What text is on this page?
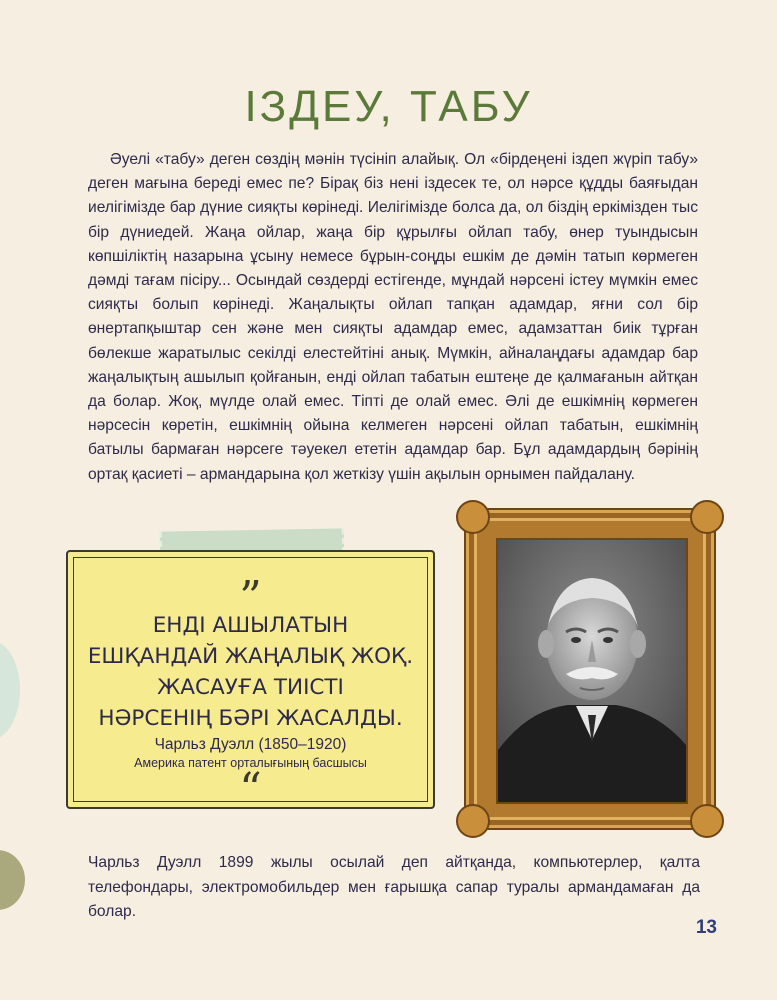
ІЗДЕУ, ТАБУ

Әуелі «табу» деген сөздің мәнін түсініп алайық. Ол «бірдеңені іздеп жүріп табу» деген мағына береді емес пе? Бірақ біз нені іздесек те, ол нәрсе құдды баяғыдан иелігімізде бар дүние сияқты көрінеді. Иелігімізде болса да, ол біздің еркімізден тыс бір дүниедей. Жаңа ойлар, жаңа бір құрылғы ойлап табу, өнер туындысын көпшіліктің назарына ұсыну немесе бұрын-соңды ешкім де дәмін татып көрмеген дәмді тағам пісіру... Осындай сөздерді естігенде, мұндай нәрсені істеу мүмкін емес сияқты болып көрінеді. Жаңалықты ойлап тапқан адамдар, яғни сол бір өнертапқыштар сен және мен сияқты адамдар емес, адамзаттан биік тұрған бөлекше жаратылыс секілді елестейтіні анық. Мүмкін, айналаңдағы адамдар бар жаңалықтың ашылып қойғанын, енді ойлап табатын ештеңе де қалмағанын айтқан да болар. Жоқ, мүлде олай емес. Тіпті де олай емес. Әлі де ешкімнің көрмеген нәрсесін көретін, ешкімнің ойына келмеген нәрсені ойлап табатын, ешкімнің батылы бармаған нәрсеге тәуекел ететін адамдар бар. Бұл адамдардың бәрінің ортақ қасиеті – армандарына қол жеткізу үшін ақылын орнымен пайдалану.

”

ЕНДІ АШЫЛАТЫН
ЕШҚАНДАЙ ЖАҢАЛЫҚ ЖОҚ.
ЖАСАУҒА ТИІСТІ
НӘРСЕНІҢ БӘРІ ЖАСАЛДЫ.

Чарльз Дуэлл (1850–1920)
Америка патент орталығының басшысы
“

Чарльз Дуэлл 1899 жылы осылай деп айтқанда, компьютерлер, қалта телефондары, электромобильдер мен ғарышқа сапар туралы армандамаған да болар.

13
